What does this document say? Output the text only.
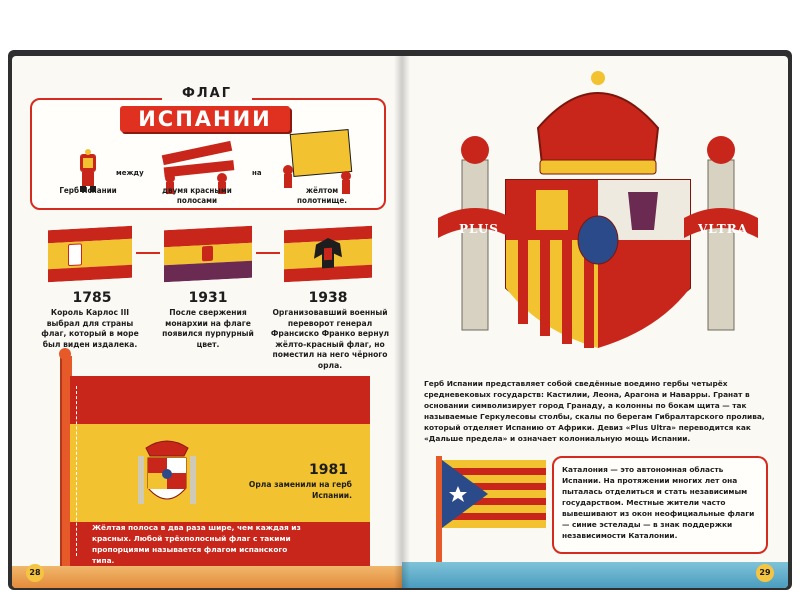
ФЛАГ
ИСПАНИИ
между	на
Герб Испании	двумя красными полосами
жёлтом полотнище.
1785	1931	1938
Король Карлос III выбрал для страны флаг, который в море был виден издалека.
После свержения монархии на флаге появился пурпурный цвет.
Организовавший военный переворот генерал Франсиско Франко вернул жёлто-красный флаг, но поместил на него чёрного орла.
1981
Орла заменили на герб Испании.
Жёлтая полоса в два раза шире, чем каждая из красных. Любой трёхполосный флаг с такими пропорциями называется флагом испанского типа.
28
PLUS	VLTRA
Герб Испании представляет собой сведённые воедино гербы четырёх средневековых государств: Кастилии, Леона, Арагона и Наварры. Гранат в основании символизирует город Гранаду, а колонны по бокам щита — так называемые Геркулесовы столбы, скалы по берегам Гибралтарского пролива, который отделяет Испанию от Африки. Девиз «Plus Ultra» переводится как «Дальше предела» и означает колониальную мощь Испании.
Каталония — это автономная область Испании. На протяжении многих лет она пыталась отделиться и стать независимым государством. Местные жители часто вывешивают из окон неофициальные флаги — синие эстелады — в знак поддержки независимости Каталонии.
29
